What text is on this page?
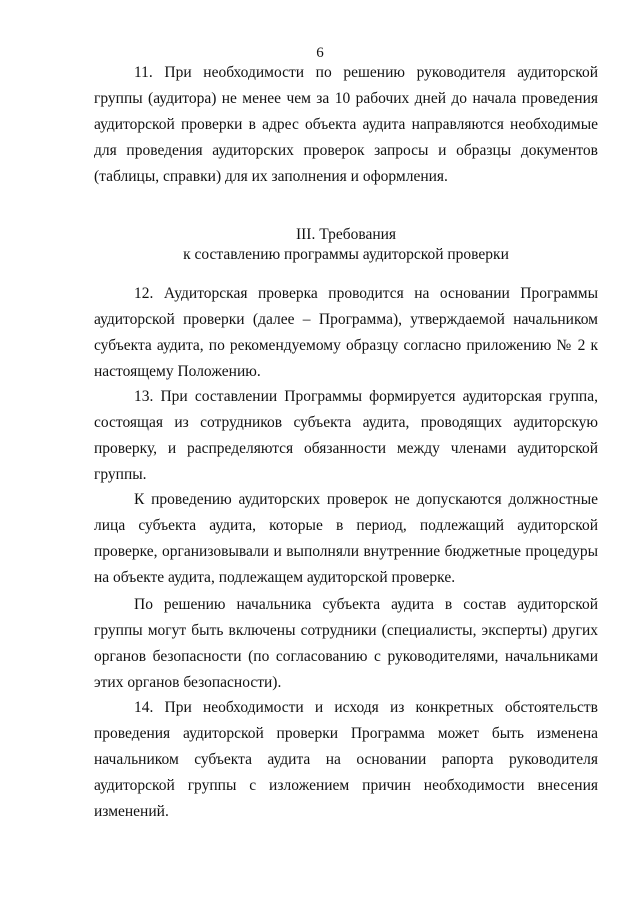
6

11. При необходимости по решению руководителя аудиторской группы (аудитора) не менее чем за 10 рабочих дней до начала проведения аудиторской проверки в адрес объекта аудита направляются необходимые для проведения аудиторских проверок запросы и образцы документов (таблицы, справки) для их заполнения и оформления.

III. Требования
к составлению программы аудиторской проверки

12. Аудиторская проверка проводится на основании Программы аудиторской проверки (далее – Программа), утверждаемой начальником субъекта аудита, по рекомендуемому образцу согласно приложению № 2 к настоящему Положению.

13. При составлении Программы формируется аудиторская группа, состоящая из сотрудников субъекта аудита, проводящих аудиторскую проверку, и распределяются обязанности между членами аудиторской группы.

К проведению аудиторских проверок не допускаются должностные лица субъекта аудита, которые в период, подлежащий аудиторской проверке, организовывали и выполняли внутренние бюджетные процедуры на объекте аудита, подлежащем аудиторской проверке.

По решению начальника субъекта аудита в состав аудиторской группы могут быть включены сотрудники (специалисты, эксперты) других органов безопасности (по согласованию с руководителями, начальниками этих органов безопасности).

14. При необходимости и исходя из конкретных обстоятельств проведения аудиторской проверки Программа может быть изменена начальником субъекта аудита на основании рапорта руководителя аудиторской группы с изложением причин необходимости внесения изменений.
